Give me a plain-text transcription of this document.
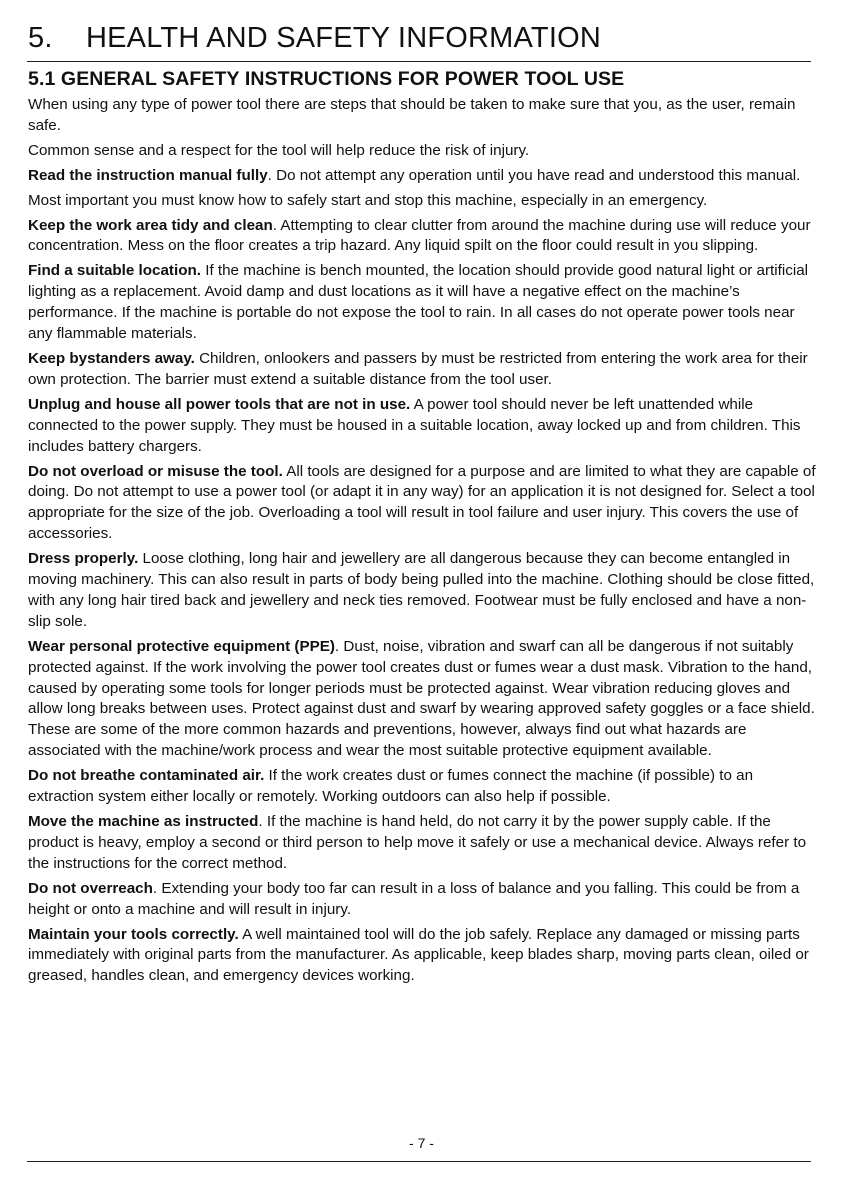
5. HEALTH AND SAFETY INFORMATION
5.1 GENERAL SAFETY INSTRUCTIONS FOR POWER TOOL USE

When using any type of power tool there are steps that should be taken to make sure that you, as the user, remain safe.

Common sense and a respect for the tool will help reduce the risk of injury.

Read the instruction manual fully. Do not attempt any operation until you have read and understood this manual.

Most important you must know how to safely start and stop this machine, especially in an emergency.

Keep the work area tidy and clean. Attempting to clear clutter from around the machine during use will reduce your concentration. Mess on the floor creates a trip hazard. Any liquid spilt on the floor could result in you slipping.

Find a suitable location. If the machine is bench mounted, the location should provide good natural light or artificial lighting as a replacement. Avoid damp and dust locations as it will have a negative effect on the machine’s performance. If the machine is portable do not expose the tool to rain. In all cases do not operate power tools near any flammable materials.

Keep bystanders away. Children, onlookers and passers by must be restricted from entering the work area for their own protection. The barrier must extend a suitable distance from the tool user.

Unplug and house all power tools that are not in use. A power tool should never be left unattended while connected to the power supply. They must be housed in a suitable location, away locked up and from children. This includes battery chargers.

Do not overload or misuse the tool. All tools are designed for a purpose and are limited to what they are capable of doing. Do not attempt to use a power tool (or adapt it in any way) for an application it is not designed for. Select a tool appropriate for the size of the job. Overloading a tool will result in tool failure and user injury. This covers the use of accessories.

Dress properly. Loose clothing, long hair and jewellery are all dangerous because they can become entangled in moving machinery. This can also result in parts of body being pulled into the machine. Clothing should be close fitted, with any long hair tired back and jewellery and neck ties removed. Footwear must be fully enclosed and have a non-slip sole.

Wear personal protective equipment (PPE). Dust, noise, vibration and swarf can all be dangerous if not suitably protected against. If the work involving the power tool creates dust or fumes wear a dust mask. Vibration to the hand, caused by operating some tools for longer periods must be protected against. Wear vibration reducing gloves and allow long breaks between uses. Protect against dust and swarf by wearing approved safety goggles or a face shield. These are some of the more common hazards and preventions, however, always find out what hazards are associated with the machine/work process and wear the most suitable protective equipment available.

Do not breathe contaminated air. If the work creates dust or fumes connect the machine (if possible) to an extraction system either locally or remotely. Working outdoors can also help if possible.

Move the machine as instructed. If the machine is hand held, do not carry it by the power supply cable. If the product is heavy, employ a second or third person to help move it safely or use a mechanical device. Always refer to the instructions for the correct method.

Do not overreach. Extending your body too far can result in a loss of balance and you falling. This could be from a height or onto a machine and will result in injury.

Maintain your tools correctly. A well maintained tool will do the job safely. Replace any damaged or missing parts immediately with original parts from the manufacturer. As applicable, keep blades sharp, moving parts clean, oiled or greased, handles clean, and emergency devices working.

- 7 -
